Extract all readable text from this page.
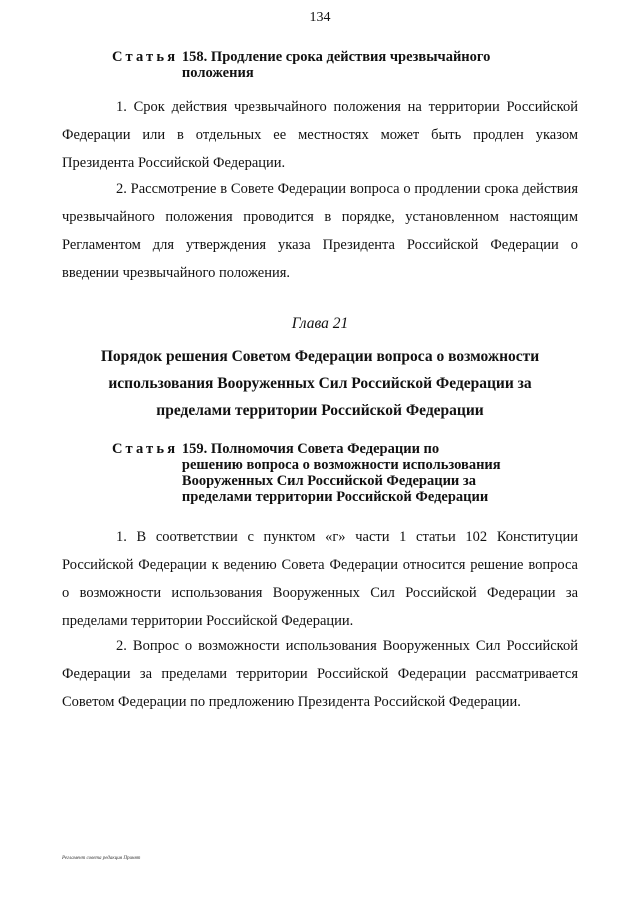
134
Статья 158. Продление срока действия чрезвычайного положения

1. Срок действия чрезвычайного положения на территории Российской Федерации или в отдельных ее местностях может быть продлен указом Президента Российской Федерации.

2. Рассмотрение в Совете Федерации вопроса о продлении срока действия чрезвычайного положения проводится в порядке, установленном настоящим Регламентом для утверждения указа Президента Российской Федерации о введении чрезвычайного положения.

Глава 21
Порядок решения Советом Федерации вопроса о возможности использования Вооруженных Сил Российской Федерации за пределами территории Российской Федерации
Статья 159. Полномочия Совета Федерации по решению вопроса о возможности использования Вооруженных Сил Российской Федерации за пределами территории Российской Федерации

1. В соответствии с пунктом «г» части 1 статьи 102 Конституции Российской Федерации к ведению Совета Федерации относится решение вопроса о возможности использования Вооруженных Сил Российской Федерации за пределами территории Российской Федерации.

2. Вопрос о возможности использования Вооруженных Сил Российской Федерации за пределами территории Российской Федерации рассматривается Советом Федерации по предложению Президента Российской Федерации.

Регламент совета редакция Принят
